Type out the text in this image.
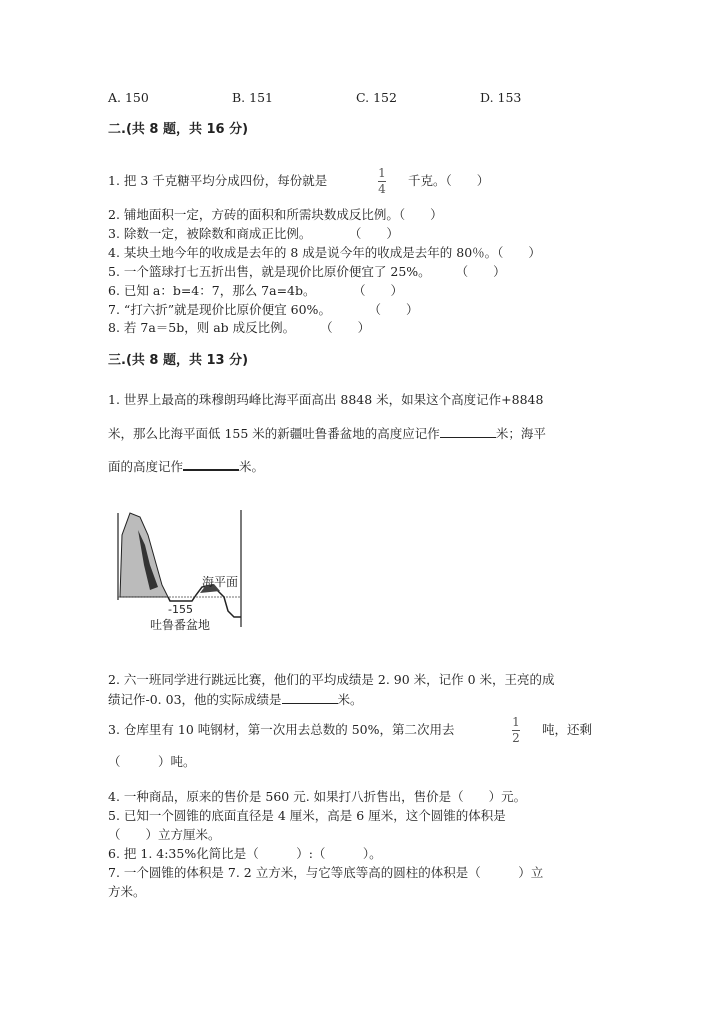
A. 150	B. 151	C. 152	D. 153
二.(共 8 题，共 16 分)
1. 把 3 千克糖平均分成四份，每份就是	1
4
千克。（　　）
2. 铺地面积一定，方砖的面积和所需块数成反比例。（　　）
3. 除数一定，被除数和商成正比例。　　　　（　　）
4. 某块土地今年的收成是去年的 8 成是说今年的收成是去年的 80％。（　　）
5. 一个篮球打七五折出售，就是现价比原价便宜了 25%。　　　（　　）
6. 已知 a：b=4：7，那么 7a=4b。　　　　（　　）
7. “打六折”就是现价比原价便宜 60%。　　　　（　　）
8. 若 7a＝5b，则 ab 成反比例。　　　（　　）
三.(共 8 题，共 13 分)
1. 世界上最高的珠穆朗玛峰比海平面高出 8848 米，如果这个高度记作+8848
米，那么比海平面低 155 米的新疆吐鲁番盆地的高度应记作	米；海平
面的高度记作	米。
海平面
-155
吐鲁番盆地
2. 六一班同学进行跳远比赛，他们的平均成绩是 2. 90 米，记作 0 米，王亮的成
绩记作-0. 03，他的实际成绩是	米。
3. 仓库里有 10 吨钢材，第一次用去总数的 50%，第二次用去	1
2
吨，还剩
（　　　）吨。
4. 一种商品，原来的售价是 560 元. 如果打八折售出，售价是（　　）元。
5. 已知一个圆锥的底面直径是 4 厘米，高是 6 厘米，这个圆锥的体积是
（　　）立方厘米。
6. 把 1. 4:35%化简比是（　　　）:（　　　）。
7. 一个圆锥的体积是 7. 2 立方米，与它等底等高的圆柱的体积是（　　　）立
方米。
